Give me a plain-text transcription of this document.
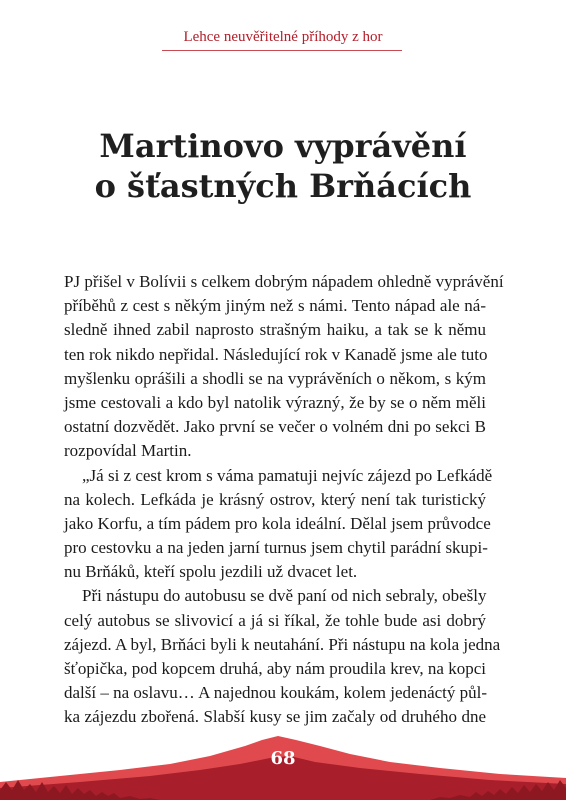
Lehce neuvěřitelné příhody z hor
Martinovo vyprávění
o šťastných Brňácích
PJ přišel v Bolívii s celkem dobrým nápadem ohledně vyprávění
příběhů z cest s někým jiným než s námi. Tento nápad ale ná-
sledně ihned zabil naprosto strašným haiku, a tak se k němu
ten rok nikdo nepřidal. Následující rok v Kanadě jsme ale tuto
myšlenku oprášili a shodli se na vyprávěních o někom, s kým
jsme cestovali a kdo byl natolik výrazný, že by se o něm měli
ostatní dozvědět. Jako první se večer o volném dni po sekci B
rozpovídal Martin.
„Já si z cest krom s váma pamatuji nejvíc zájezd po Lefkádě
na kolech. Lefkáda je krásný ostrov, který není tak turistický
jako Korfu, a tím pádem pro kola ideální. Dělal jsem průvodce
pro cestovku a na jeden jarní turnus jsem chytil parádní skupi-
nu Brňáků, kteří spolu jezdili už dvacet let.
Při nástupu do autobusu se dvě paní od nich sebraly, obešly
celý autobus se slivovicí a já si říkal, že tohle bude asi dobrý
zájezd. A byl, Brňáci byli k neutahání. Při nástupu na kola jedna
šťopička, pod kopcem druhá, aby nám proudila krev, na kopci
další – na oslavu… A najednou koukám, kolem jedenáctý půl-
ka zájezdu zbořená. Slabší kusy se jim začaly od druhého dne
68
